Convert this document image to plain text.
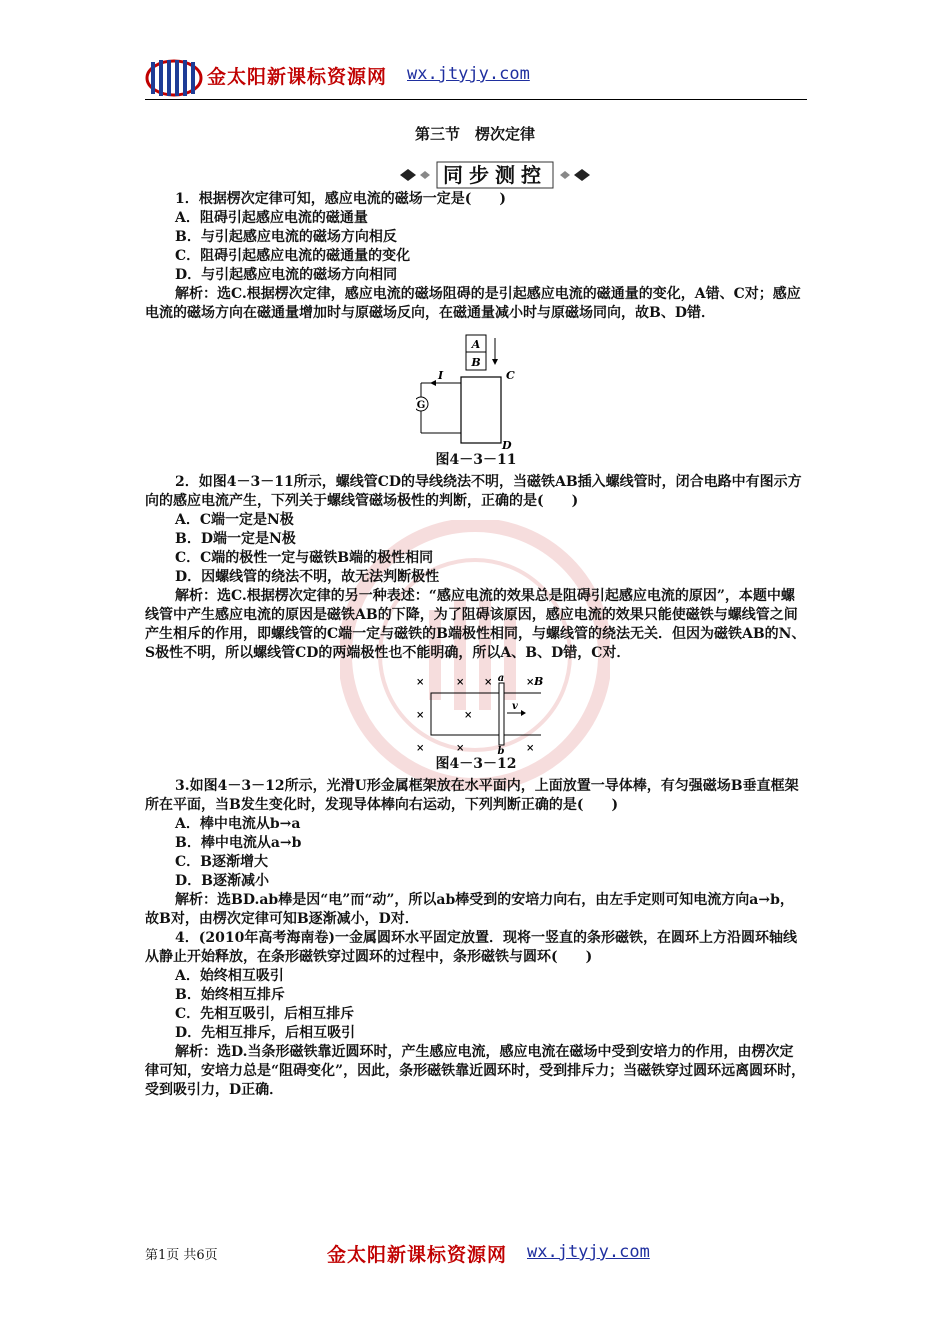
金太阳新课标资源网 wx.jtyjy.com
第三节　楞次定律
同步测控

1．根据楞次定律可知，感应电流的磁场一定是(　　)

A．阻碍引起感应电流的磁通量

B．与引起感应电流的磁场方向相反

C．阻碍引起感应电流的磁通量的变化

D．与引起感应电流的磁场方向相同

解析：选C.根据楞次定律，感应电流的磁场阻碍的是引起感应电流的磁通量的变化，A错、C对；感应电流的磁场方向在磁通量增加时与原磁场反向，在磁通量减小时与原磁场同向，故B、D错．

A
B
C
D
I
G

图4－3－11

2．如图4－3－11所示，螺线管CD的导线绕法不明，当磁铁AB插入螺线管时，闭合电路中有图示方向的感应电流产生，下列关于螺线管磁场极性的判断，正确的是(　　)

A．C端一定是N极

B．D端一定是N极

C．C端的极性一定与磁铁B端的极性相同

D．因螺线管的绕法不明，故无法判断极性

解析：选C.根据楞次定律的另一种表述：“感应电流的效果总是阻碍引起感应电流的原因”，本题中螺线管中产生感应电流的原因是磁铁AB的下降，为了阻碍该原因，感应电流的效果只能使磁铁与螺线管之间产生相斥的作用，即螺线管的C端一定与磁铁的B端极性相同，与螺线管的绕法无关．但因为磁铁AB的N、S极性不明，所以螺线管CD的两端极性也不能明确，所以A、B、D错，C对．

a
b
× B
×	× ×
×	×
×	×	×
v

图4－3－12

3.如图4－3－12所示，光滑U形金属框架放在水平面内，上面放置一导体棒，有匀强磁场B垂直框架所在平面，当B发生变化时，发现导体棒向右运动，下列判断正确的是(　　)

A．棒中电流从b→a

B．棒中电流从a→b

C．B逐渐增大

D．B逐渐减小

解析：选BD.ab棒是因“电”而“动”，所以ab棒受到的安培力向右，由左手定则可知电流方向a→b，故B对，由楞次定律可知B逐渐减小，D对．

4．(2010年高考海南卷)一金属圆环水平固定放置．现将一竖直的条形磁铁，在圆环上方沿圆环轴线从静止开始释放，在条形磁铁穿过圆环的过程中，条形磁铁与圆环(　　)

A．始终相互吸引

B．始终相互排斥

C．先相互吸引，后相互排斥

D．先相互排斥，后相互吸引

解析：选D.当条形磁铁靠近圆环时，产生感应电流，感应电流在磁场中受到安培力的作用，由楞次定律可知，安培力总是“阻碍变化”，因此，条形磁铁靠近圆环时，受到排斥力；当磁铁穿过圆环远离圆环时，受到吸引力，D正确．

第1页 共6页	金太阳新课标资源网 wx.jtyjy.com
